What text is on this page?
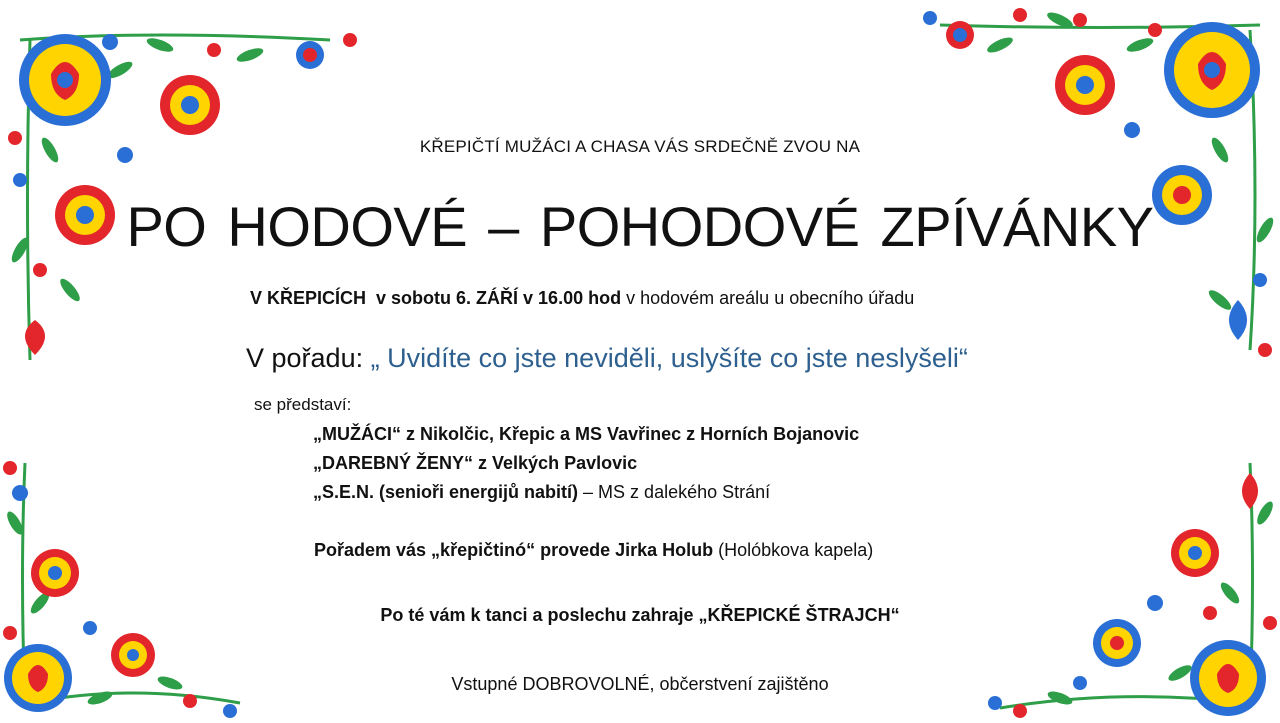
KŘEPIČTÍ MUŽÁCI A CHASA VÁS SRDEČNĚ ZVOU NA
PO HODOVÉ – POHODOVÉ ZPÍVÁNKY
V KŘEPICÍCH v sobotu 6. ZÁŘÍ v 16.00 hod v hodovém areálu u obecního úřadu
V pořadu: „ Uvidíte co jste neviděli, uslyšíte co jste neslyšeli“
se představí:
„MUŽÁCI“ z Nikolčic, Křepic a MS Vavřinec z Horních Bojanovic
„DAREBNÝ ŽENY“ z Velkých Pavlovic
„S.E.N. (senioři energijů nabití) – MS z dalekého Strání
Pořadem vás „křepičtinó“ provede Jirka Holub (Holóbkova kapela)
Po té vám k tanci a poslechu zahraje „KŘEPICKÉ ŠTRAJCH“
Vstupné DOBROVOLNÉ, občerstvení zajištěno
